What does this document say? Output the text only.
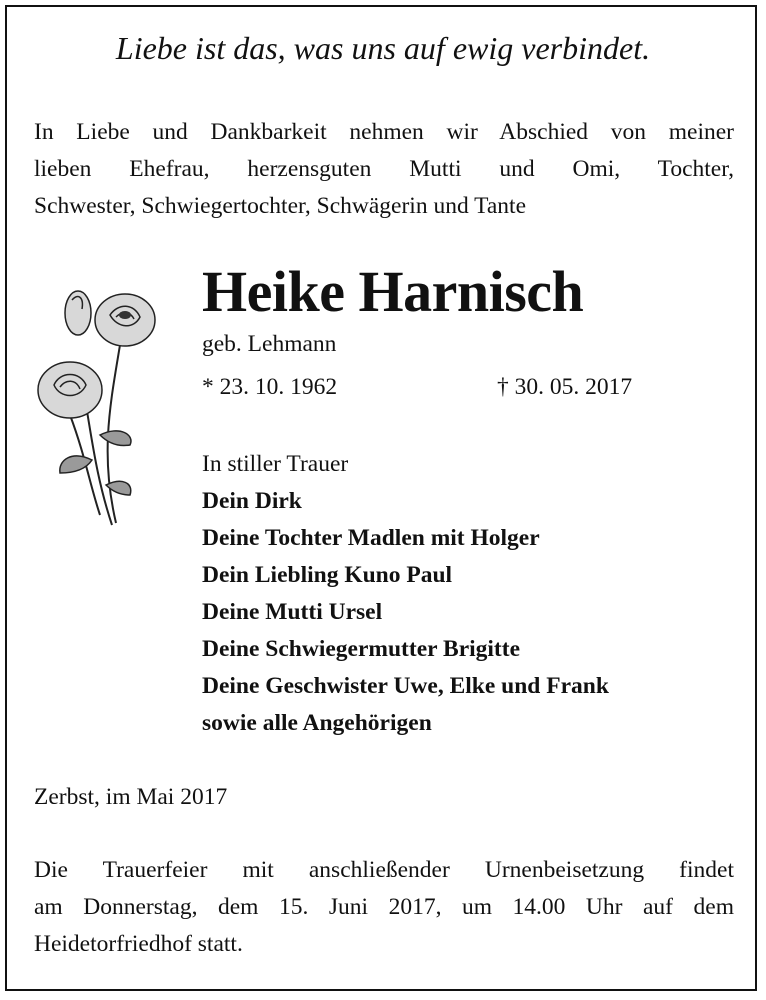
Liebe ist das, was uns auf ewig verbindet.
In Liebe und Dankbarkeit nehmen wir Abschied von meiner
lieben Ehefrau, herzensguten Mutti und Omi, Tochter,
Schwester, Schwiegertochter, Schwägerin und Tante
Heike Harnisch
geb. Lehmann
* 23. 10. 1962	† 30. 05. 2017
In stiller Trauer
Dein Dirk
Deine Tochter Madlen mit Holger
Dein Liebling Kuno Paul
Deine Mutti Ursel
Deine Schwiegermutter Brigitte
Deine Geschwister Uwe, Elke und Frank
sowie alle Angehörigen
Zerbst, im Mai 2017
Die Trauerfeier mit anschließender Urnenbeisetzung findet
am Donnerstag, dem 15. Juni 2017, um 14.00 Uhr auf dem
Heidetorfriedhof statt.
